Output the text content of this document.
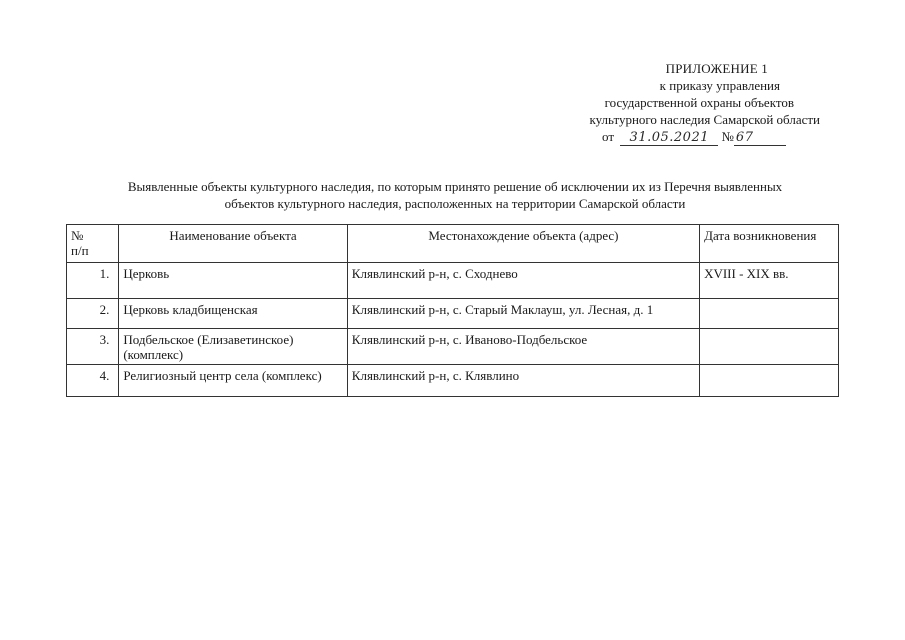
ПРИЛОЖЕНИЕ 1
к приказу управления
государственной охраны объектов
культурного наследия Самарской области
от 31.05.2021 № 67
Выявленные объекты культурного наследия, по которым принято решение об исключении их из Перечня выявленных
объектов культурного наследия, расположенных на территории Самарской области
№
п/п	Наименование объекта	Местонахождение объекта (адрес)	Дата возникновения
1.	Церковь	Клявлинский р-н, с. Сходнево	XVIII - XIX вв.
2.	Церковь кладбищенская	Клявлинский р-н, с. Старый Маклауш, ул. Лесная, д. 1	
3.	Подбельское (Елизаветинское) (комплекс)	Клявлинский р-н, с. Иваново-Подбельское	
4.	Религиозный центр села (комплекс)	Клявлинский р-н, с. Клявлино	
